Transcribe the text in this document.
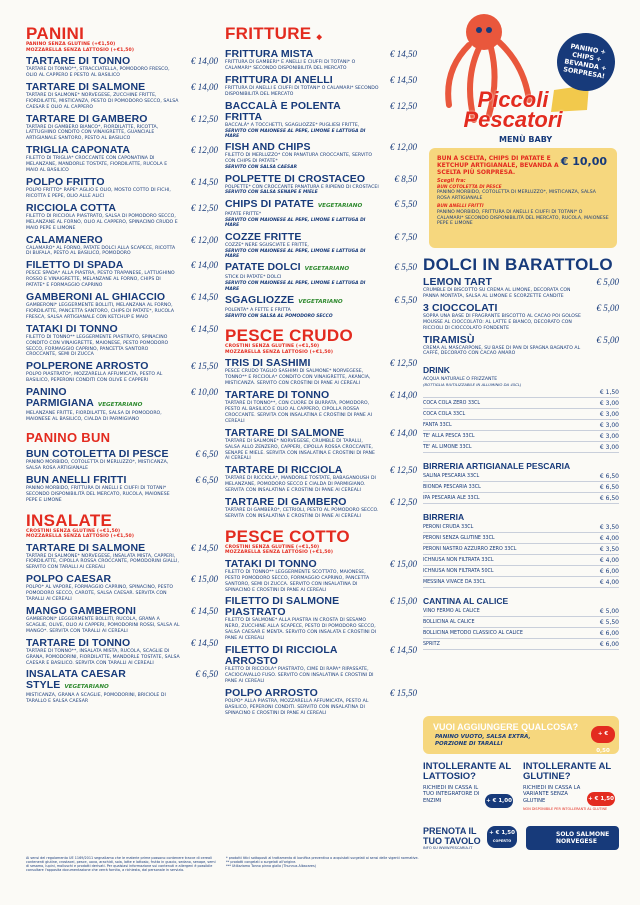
PANINI
PANINO SENZA GLUTINE (+€1,50)
MOZZARELLA SENZA LATTOSIO (+€1,50)
TARTARE DI TONNO	€ 14,00
TARTARE DI TONNO**, STRACCIATELLA, POMODORO FRESCO, OLIO AL CAPPERO E PESTO AL BASILICO
TARTARE DI SALMONE	€ 14,00
TARTARE DI SALMONE* NORVEGESE, ZUCCHINE FRITTE, FIORDILATTE, MISTICANZA, PESTO DI POMODORO SECCO, SALSA CAESAR E OLIO AL CAPPERO
TARTARE DI GAMBERO	€ 12,50
TARTARE DI GAMBERO BIANCO*, FIORDILATTE, RICOTTA, LATTUGHINO CONDITO CON VINAIGRETTE, GUANCIALE ARTIGIANALE SANTORO, PESTO AL BASILICO
TRIGLIA CAPONATA	€ 12,00
FILETTO DI TRIGLIA* CROCCANTE CON CAPONATINA DI MELANZANE, MANDORLE TOSTATE, FIORDILATTE, RUCOLA E MAIO AL BASILICO
POLPO FRITTO	€ 14,50
POLPO FRITTO* RAPE* AGLIO E OLIO, MOSTO COTTO DI FICHI, RICOTTA E PEPE, OLIO ALLE ALICI
RICCIOLA COTTA	€ 12,50
FILETTO DI RICCIOLA PIASTRATO, SALSA DI POMODORO SECCO, MELANZANE AL FORNO, OLIO AL CAPPERO, SPINACINO CRUDO E MAIO PEPE E LIMONE
CALAMANERO	€ 12,00
CALAMARO* AL FORNO, PATATE DOLCI ALLA SCAPECE, RICOTTA DI BUFALA, PESTO AL BASILICO, POMODORO
FILETTO DI SPADA	€ 14,00
PESCE SPADA* ALLA PIASTRA, PESTO TRAPANESE, LATTUGHINO ROSSO E VINAIGRETTE, MELANZANE AL FORNO, CHIPS DI PATATE* E FORMAGGIO CAPRINO
GAMBERONI AL GHIACCIO	€ 14,50
GAMBERONI* LEGGERMENTE BOLLITI, MELANZANA AL FORNO, FIORDILATTE, PANCETTA SANTORO, CHIPS DI PATATE*, RUCOLA FRESCA, SALSA ARTIGIANALE CON KETCHUP E MAIO
TATAKI DI TONNO	€ 14,50
FILETTO DI TONNO** LEGGERMENTE PIASTRATO, SPINACINO CONDITO CON VINAIGRETTE, MAIONESE, PESTO POMODORO SECCO, FORMAGGIO CAPRINO, PANCETTA SANTORO CROCCANTE, SEMI DI ZUCCA
POLPERONE ARROSTO	€ 15,50
POLPO PIASTRATO*, MOZZARELLA AFFUMICATA, PESTO AL BASILICO, PEPERONI CONDITI CON OLIVE E CAPPERI
PANINO PARMIGIANA VEGETARIANO
€ 10,00
MELANZANE FRITTE, FIORDILATTE, SALSA DI POMODORO, MAIONESE AL BASILICO, CIALDA DI PARMIGIANO
PANINO BUN
BUN COTOLETTA DI PESCE	€ 6,50
PANINO MORBIDO, COTOLETTA DI MERLUZZO*, MISTICANZA, SALSA ROSA ARTIGIANALE
BUN ANELLI FRITTI	€ 6,50
PANINO MORBIDO, FRITTURA DI ANELLI E CIUFFI DI TOTANI* SECONDO DISPONIBILITÀ DEL MERCATO, RUCOLA, MAIONESE PEPE E LIMONE
INSALATE
CROSTINI SENZA GLUTINE (+€1,50)
MOZZARELLA SENZA LATTOSIO (+€1,50)
TARTARE DI SALMONE	€ 14,50
TARTARE DI SALMONE* NORVEGESE, INSALATA MISTA, CAPPERI, FIORDILATTE, CIPOLLA ROSSA CROCCANTE, POMODORINI GIALLI, SERVITO CON TARALLI AI CEREALI
POLPO CAESAR	€ 15,00
POLPO* AL VAPORE, FORMAGGIO CAPRINO, SPINACINO, PESTO POMODORO SECCO, CAROTE, SALSA CAESAR. SERVITA CON TARALLI AI CEREALI
MANGO GAMBERONI	€ 14,50
GAMBERONI* LEGGERMENTE BOLLITI, RUCOLA, GRANA A SCAGLIE, OLIVE, OLIO AI CAPPERI, POMODORINI ROSSI, SALSA AL MANGO*. SERVITA CON TARALLI AI CEREALI
TARTARE DI TONNO	€ 14,50
TARTARE DI TONNO**, INSALATA MISTA, RUCOLA, SCAGLIE DI GRANA, POMODORINI, FIORDILATTE, MANDORLE TOSTATE, SALSA CAESAR E BASILICO. SERVITA CON TARALLI AI CEREALI
INSALATA CAESAR STYLE VEGETARIANO
€ 6,50
MISTICANZA, GRANA A SCAGLIE, POMODORINI, BRICIOLE DI TARALLO E SALSA CAESAR
FRITTURE ◆
FRITTURA MISTA	€ 14,50
FRITTURA DI GAMBERI* E ANELLI E CIUFFI DI TOTANI* O CALAMARI* SECONDO DISPONIBILITÀ DEL MERCATO
FRITTURA DI ANELLI	€ 14,50
FRITTURA DI ANELLI E CIUFFI DI TOTANI* O CALAMARI* SECONDO DISPONIBILITÀ DEL MERCATO
BACCALÀ E POLENTA FRITTA
€ 12,50
BACCALÀ* A TOCCHETTI, SGAGLIOZZE* PUGLIESI FRITTE,
SERVITO CON MAIONESE AL PEPE, LIMONE E LATTUGA DI MARE
FISH AND CHIPS	€ 12,00
FILETTO DI MERLUZZO* CON PANATURA CROCCANTE, SERVITO CON CHIPS DI PATATE*
SERVITO CON SALSA CAESAR
POLPETTE DI CROSTACEO	€ 8,50
POLPETTE* CON CROCCANTE PANATURA E RIPIENO DI CROSTACEI
SERVITO CON SALSA SENAPE E MIELE
CHIPS DI PATATE VEGETARIANO	€ 5,50
PATATE FRITTE*
SERVITO CON MAIONESE AL PEPE, LIMONE E LATTUGA DI MARE
COZZE FRITTE	€ 7,50
COZZE* NERE SGUSCIATE E FRITTE,
SERVITO CON MAIONESE AL PEPE, LIMONE E LATTUGA DI MARE
PATATE DOLCI VEGETARIANO	€ 5,50
STICK DI PATATE* DOLCI
SERVITO CON MAIONESE AL PEPE, LIMONE E LATTUGA DI MARE
SGAGLIOZZE VEGETARIANO	€ 5,50
POLENTA* A FETTE E FRITTA
SERVITO CON SALSA AL POMODORO SECCO
PESCE CRUDO
CROSTINI SENZA GLUTINE (+€1,50)
MOZZARELLA SENZA LATTOSIO (+€1,50)
TRIS DI SASHIMI	€ 12,50
PESCE CRUDO TAGLIO SASHIMI DI SALMONE* NORVEGESE, TONNO** E RICCIOLA* CONDITO CON VINAIGRETTE, AKANCIA, MISTICANZA. SERVITO CON CROSTINI DI PANE AI CEREALI
TARTARE DI TONNO	€ 14,00
TARTARE DI TONNO**, CON CUORE DI BURRATA, POMODORO, PESTO AL BASILICO E OLIO AL CAPPERO, CIPOLLA ROSSA CROCCANTE. SERVITA CON INSALATINA E CROSTINI DI PANE AI CEREALI
TARTARE DI SALMONE	€ 14,00
TARTARE DI SALMONE* NORVEGESE, CRUMBLE DI TARALLI, SALSA ALLO ZENZERO, CAPPERI, CIPOLLA ROSSA CROCCANTE, SENAPE E MIELE. SERVITA CON INSALATINA E CROSTINI DI PANE AI CEREALI
TARTARE DI RICCIOLA	€ 12,50
TARTARE DI RICCIOLA*, MANDORLE TOSTATE, BABAGANOUSH DI MELANZANE, POMODORO SECCO E CIALDA DI PARMIGIANO. SERVITA CON INSALATINA E CROSTINI DI PANE AI CEREALI
TARTARE DI GAMBERO	€ 12,50
TARTARE DI GAMBERO*, CETRIOLI, PESTO AL POMODORO SECCO. SERVITA CON INSALATINA E CROSTINI DI PANE AI CEREALI
PESCE COTTO
CROSTINI SENZA GLUTINE (+€1,50)
MOZZARELLA SENZA LATTOSIO (+€1,50)
TATAKI DI TONNO	€ 15,00
FILETTO DI TONNO** LEGGERMENTE SCOTTATO, MAIONESE, PESTO POMODORO SECCO, FORMAGGIO CAPRINO, PANCETTA SANTORO, SEMI DI ZUCCA. SERVITO CON INSALATINA DI SPINACINO E CROSTINI DI PANE AI CEREALI
FILETTO DI SALMONE PIASTRATO
€ 15,00
FILETTO DI SALMONE* ALLA PIASTRA IN CROSTA DI SESAMO NERO, ZUCCHINE ALLA SCAPECE, PESTO DI POMODORO SECCO, SALSA CAESAR E MENTA. SERVITO CON INSALATA E CROSTINI DI PANE AI CEREALI
FILETTO DI RICCIOLA ARROSTO
€ 14,50
FILETTO DI RICCIOLA* PIASTRATO, CIME DI RAPA* RIPASSATE, CACIOCAVALLO FUSO. SERVITO CON INSALATINA E CROSTINI DI PANE AI CEREALI
POLPO ARROSTO	€ 15,50
POLPO* ALLA PIASTRA, MOZZARELLA AFFUMICATA, PESTO AL BASILICO, PEPERONI CONDITI. SERVITO CON INSALATINA DI SPINACINO E CROSTINI DI PANE AI CEREALI
PANINO + CHIPS + BEVANDA + SORPRESA!
Piccoli
Pescatori
MENÙ BABY
BUN A SCELTA, CHIPS DI PATATE E KETCHUP ARTIGIANALE, BEVANDA A SCELTA PIÙ SORPRESA.
€ 10,00
Scegli fra:
BUN COTOLETTA DI PESCE
PANINO MORBIDO, COTOLETTA DI MERLUZZO*, MISTICANZA, SALSA ROSA ARTIGIANALE
BUN ANELLI FRITTI
PANINO MORBIDO, FRITTURA DI ANELLI E CIUFFI DI TOTANI* O CALAMARI* SECONDO DISPONIBILITÀ DEL MERCATO, RUCOLA, MAIONESE PEPE E LIMONE
DOLCI IN BARATTOLO
LEMON TART	€ 5,00
CRUMBLE DI BISCOTTO SU CREMA AL LIMONE, DECORATA CON PANNA MONTATA, SALSA AL LIMONE E SCORZETTE CANDITE
3 CIOCCOLATI	€ 5,00
SOPRA UNA BASE DI FRAGRANTE BISCOTTO AL CACAO POI GOLOSE MOUSSE AL CIOCCOLATO: AL LATTE E BIANCO, DECORATO CON RICCIOLI DI CIOCCOLATO FONDENTE
TIRAMISÙ	€ 5,00
CREMA AL MASCARPONE, SU BASE DI PAN DI SPAGNA BAGNATO AL CAFFÈ, DECORATO CON CACAO AMARO
DRINK
ACQUA NATURALE O FRIZZANTE
(BOTTIGLIA RIUTILIZZABILE IN ALLUMINIO DA 45CL)
€ 1,50
COCA COLA ZERO 33CL	€ 3,00
COCA COLA 33CL	€ 3,00
FANTA 33CL	€ 3,00
TE' ALLA PESCA 33CL	€ 3,00
TE' AL LIMONE 33CL	€ 3,00
BIRRERIA ARTIGIANALE PESCARIA
SALINA PESCARIA 33CL	€ 6,50
BIONDA PESCARIA 33CL	€ 6,50
IPA PESCARIA ALE 33CL	€ 6,50
BIRRERIA
PERONI CRUDA 33CL	€ 3,50
PERONI SENZA GLUTINE 33CL	€ 4,00
PERONI NASTRO AZZURRO ZERO 33CL	€ 3,50
ICHNUSA NON FILTRATA 33CL	€ 4,00
ICHNUSA NON FILTRATA 50CL	€ 6,00
MESSINA VIVACE DA 33CL	€ 4,00
CANTINA AL CALICE
VINO FERMO AL CALICE	€ 5,00
BOLLICINA AL CALICE	€ 5,50
BOLLICINA METODO CLASSICO AL CALICE	€ 6,00
SPRITZ	€ 6,00
VUOI AGGIUNGERE QUALCOSA?
PANINO VUOTO, SALSA EXTRA, PORZIONE DI TARALLI
+ € 0,50
INTOLLERANTE AL LATTOSIO?
RICHIEDI IN CASSA IL TUO INTEGRATORE DI ENZIMI	+ € 1,00
INTOLLERANTE AL GLUTINE?
RICHIEDI IN CASSA LA VARIANTE SENZA GLUTINE	+ € 1,50
NON DISPONIBILE PER INTOLLERANTI AL GLUTINE
PRENOTA IL TUO TAVOLO
INFO SU WWW.PESCARIA.IT
+ € 1,50
COPERTO
SOLO SALMONE NORVEGESE
Ai sensi del regolamento UE 1169/2011 segnaliamo che le materie prime possono contenere tracce di cereali contenenti glutine, crostacei, pesce, uova, arachidi, soia, latte e lattosio, frutta in guscio, sedano, senape, semi di sesamo, lupini, molluschi e prodotti derivati. Per qualsiasi informazione sui contenuti e allergeni è possibile consultare l'apposita documentazione che verrà fornita, a richiesta, dal personale in servizio.
* prodotti ittici sottoposti al trattamento di bonifica preventiva o acquistati surgelati ai sensi delle vigenti normative.
** prodotti congelati o surgelati all'origine.
*** Utilizziamo Tonno pinna gialla (Thunnus Albacares)
